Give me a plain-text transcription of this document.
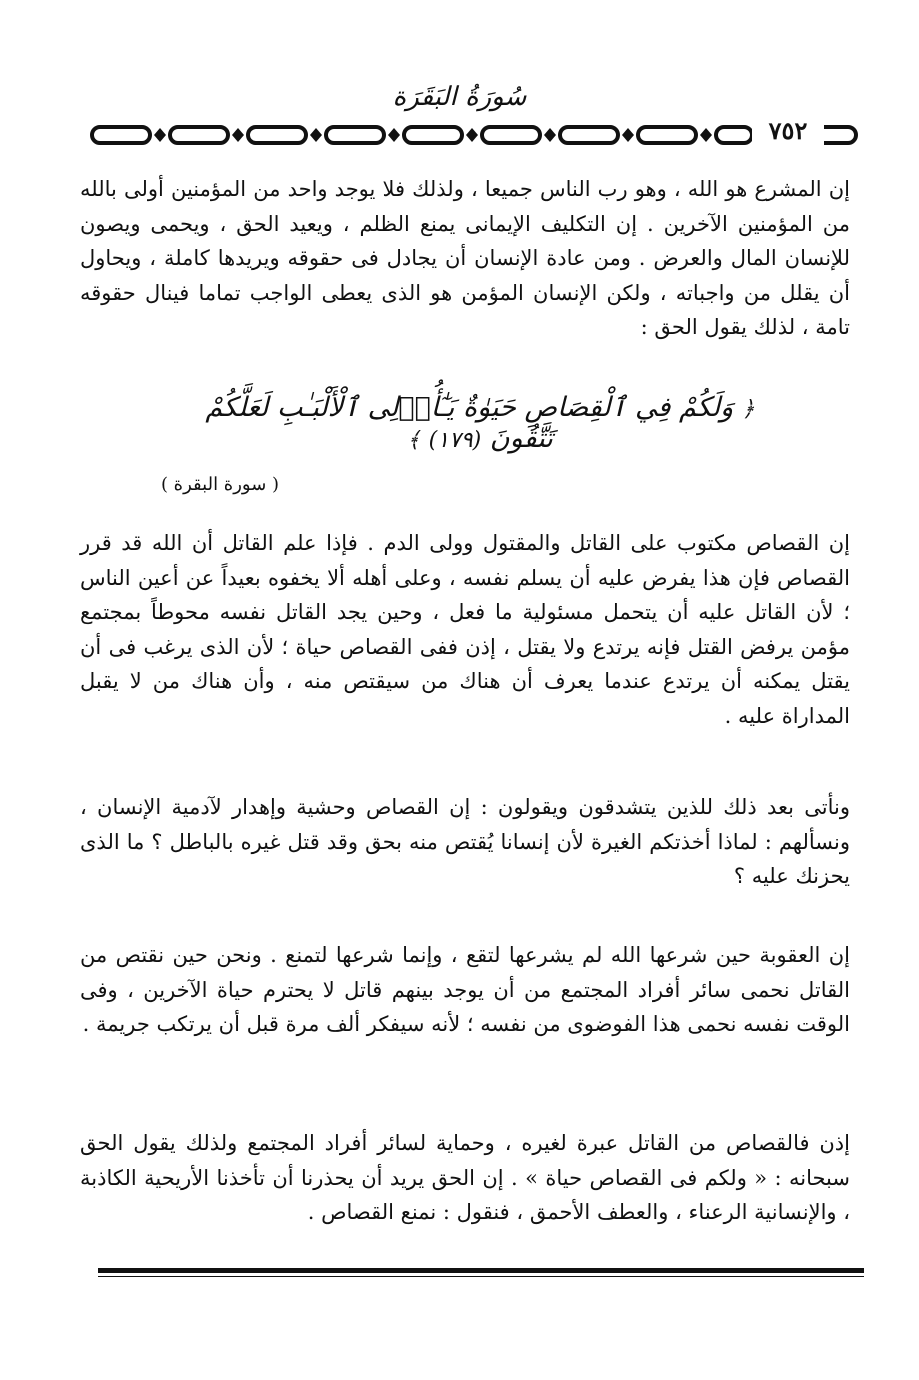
سُورَةُ البَقَرَة
٧٥٢

إن المشرع هو الله ، وهو رب الناس جميعا ، ولذلك فلا يوجد واحد من المؤمنين أولى بالله من المؤمنين الآخرين . إن التكليف الإيمانى يمنع الظلم ، ويعيد الحق ، ويحمى ويصون للإنسان المال والعرض . ومن عادة الإنسان أن يجادل فى حقوقه ويريدها كاملة ، ويحاول أن يقلل من واجباته ، ولكن الإنسان المؤمن هو الذى يعطى الواجب تماما فينال حقوقه تامة ، لذلك يقول الحق :

﴿ وَلَكُمْ فِي ٱلْقِصَاصِ حَيَوٰةٌ يَـٰٓأُو۟لِى ٱلْأَلْبَـٰبِ لَعَلَّكُمْ تَتَّقُونَ (١٧٩) ﴾
( سورة البقرة )

إن القصاص مكتوب على القاتل والمقتول وولى الدم . فإذا علم القاتل أن الله قد قرر القصاص فإن هذا يفرض عليه أن يسلم نفسه ، وعلى أهله ألا يخفوه بعيداً عن أعين الناس ؛ لأن القاتل عليه أن يتحمل مسئولية ما فعل ، وحين يجد القاتل نفسه محوطاً بمجتمع مؤمن يرفض القتل فإنه يرتدع ولا يقتل ، إذن ففى القصاص حياة ؛ لأن الذى يرغب فى أن يقتل يمكنه أن يرتدع عندما يعرف أن هناك من سيقتص منه ، وأن هناك من لا يقبل المداراة عليه .

ونأتى بعد ذلك للذين يتشدقون ويقولون : إن القصاص وحشية وإهدار لآدمية الإنسان ، ونسألهم : لماذا أخذتكم الغيرة لأن إنسانا يُقتص منه بحق وقد قتل غيره بالباطل ؟ ما الذى يحزنك عليه ؟

إن العقوبة حين شرعها الله لم يشرعها لتقع ، وإنما شرعها لتمنع . ونحن حين نقتص من القاتل نحمى سائر أفراد المجتمع من أن يوجد بينهم قاتل لا يحترم حياة الآخرين ، وفى الوقت نفسه نحمى هذا الفوضوى من نفسه ؛ لأنه سيفكر ألف مرة قبل أن يرتكب جريمة .

إذن فالقصاص من القاتل عبرة لغيره ، وحماية لسائر أفراد المجتمع ولذلك يقول الحق سبحانه : « ولكم فى القصاص حياة » . إن الحق يريد أن يحذرنا أن تأخذنا الأريحية الكاذبة ، والإنسانية الرعناء ، والعطف الأحمق ، فنقول : نمنع القصاص .
